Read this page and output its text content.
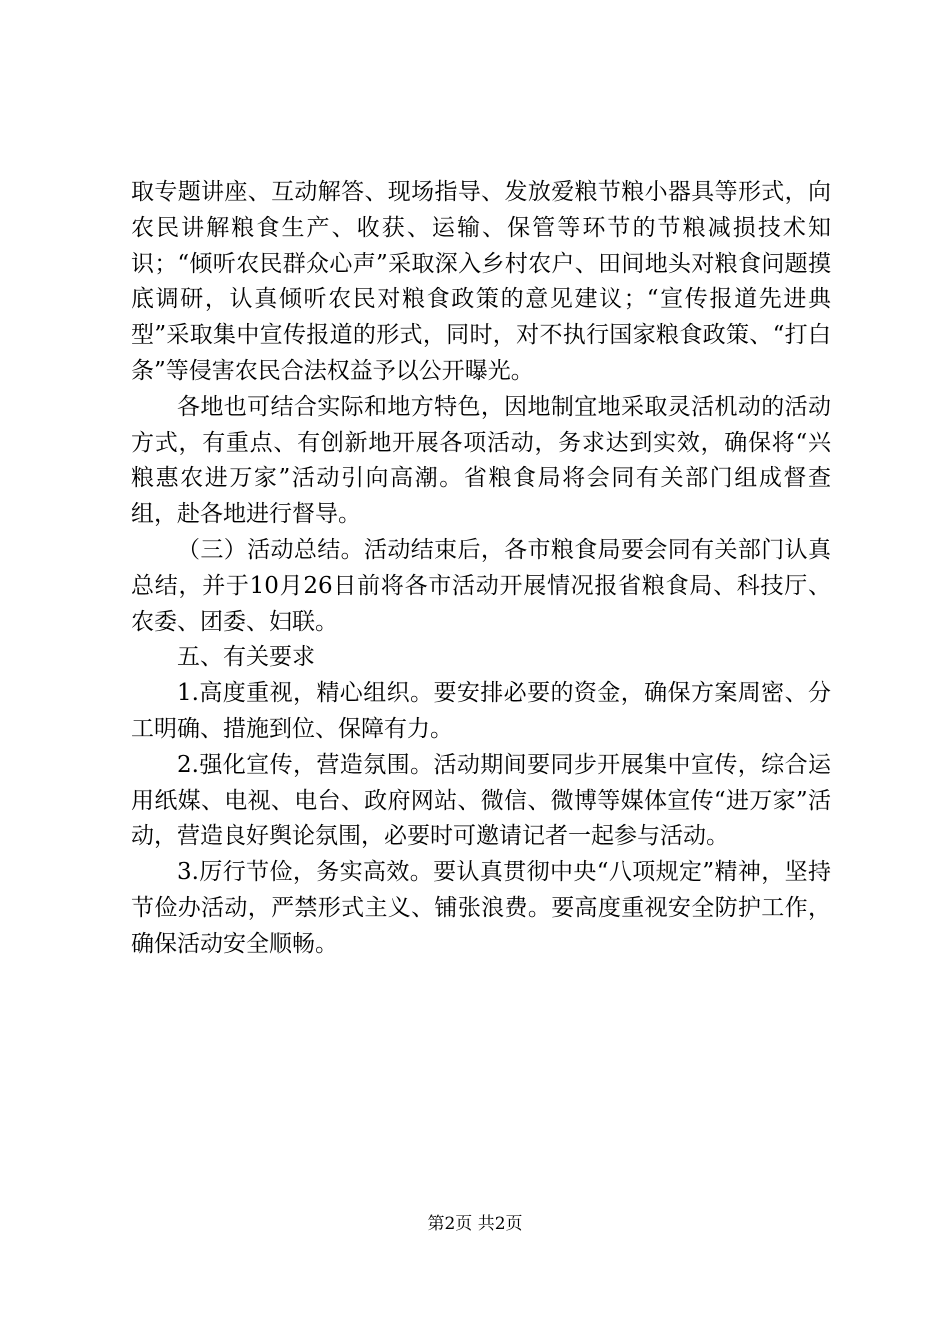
取专题讲座、互动解答、现场指导、发放爱粮节粮小器具等形式，向农民讲解粮食生产、收获、运输、保管等环节的节粮减损技术知识；“倾听农民群众心声”采取深入乡村农户、田间地头对粮食问题摸底调研，认真倾听农民对粮食政策的意见建议；“宣传报道先进典型”采取集中宣传报道的形式，同时，对不执行国家粮食政策、“打白条”等侵害农民合法权益予以公开曝光。

各地也可结合实际和地方特色，因地制宜地采取灵活机动的活动方式，有重点、有创新地开展各项活动，务求达到实效，确保将“兴粮惠农进万家”活动引向高潮。省粮食局将会同有关部门组成督查组，赴各地进行督导。

（三）活动总结。活动结束后，各市粮食局要会同有关部门认真总结，并于10月26日前将各市活动开展情况报省粮食局、科技厅、农委、团委、妇联。

五、有关要求

1.高度重视，精心组织。要安排必要的资金，确保方案周密、分工明确、措施到位、保障有力。

2.强化宣传，营造氛围。活动期间要同步开展集中宣传，综合运用纸媒、电视、电台、政府网站、微信、微博等媒体宣传“进万家”活动，营造良好舆论氛围，必要时可邀请记者一起参与活动。

3.厉行节俭，务实高效。要认真贯彻中央“八项规定”精神，坚持节俭办活动，严禁形式主义、铺张浪费。要高度重视安全防护工作，确保活动安全顺畅。

第2页 共2页
